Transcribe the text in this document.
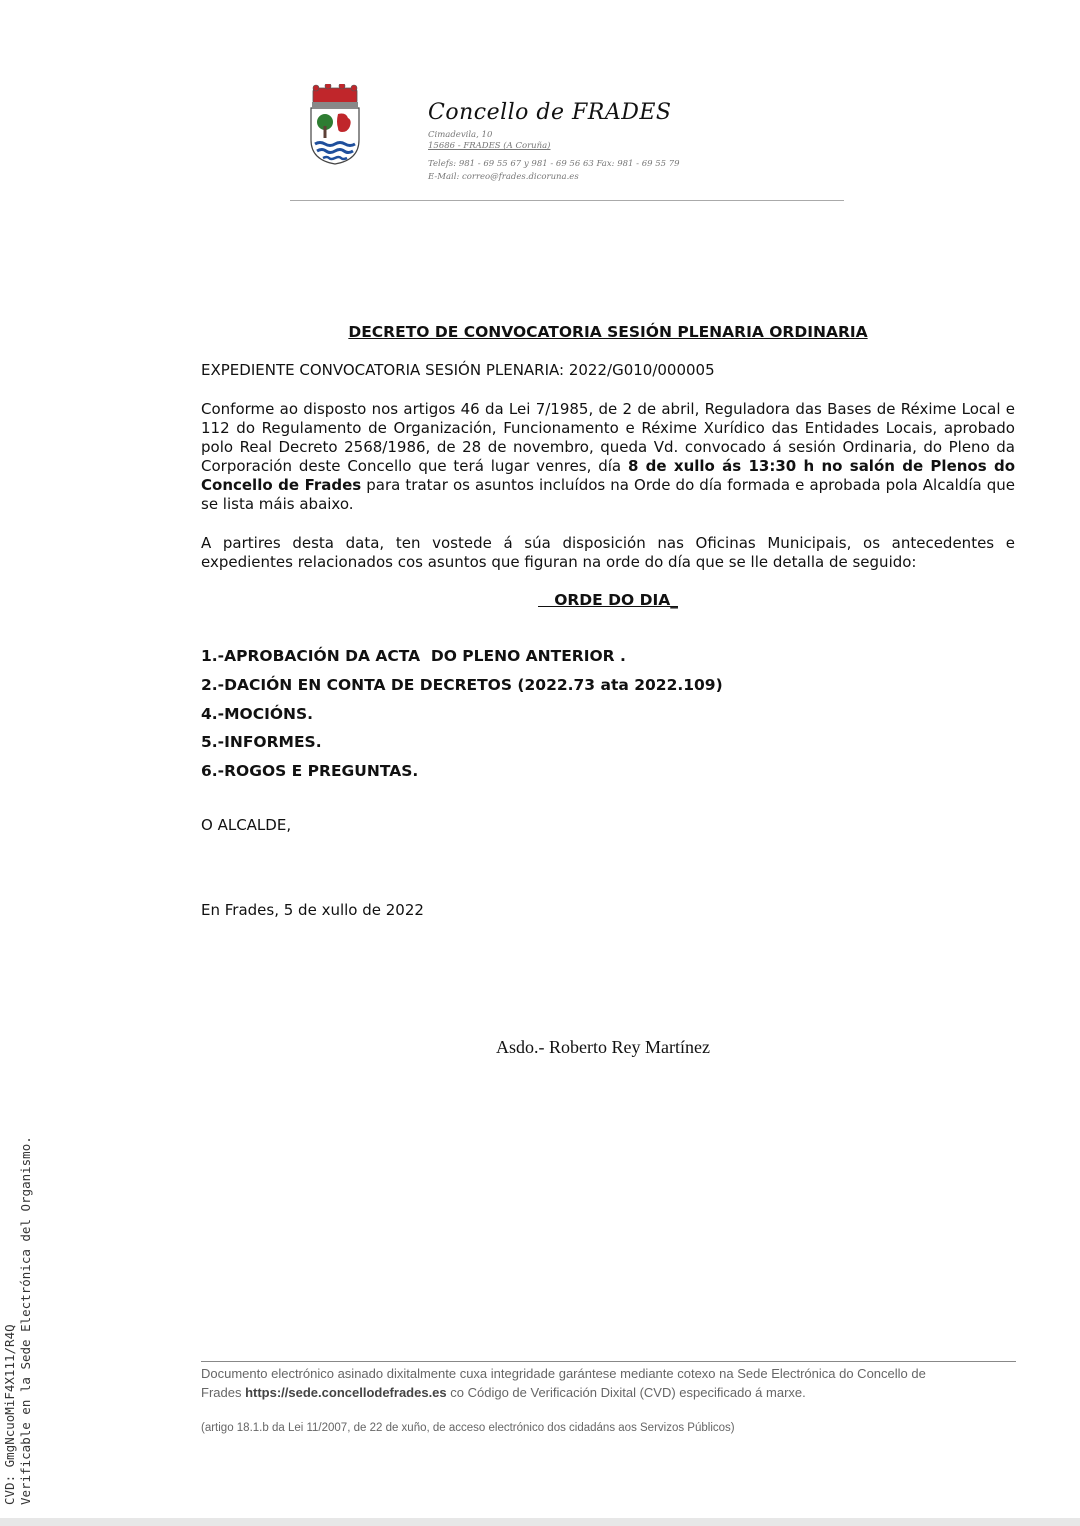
Concello de FRADES
Cimadevila, 10
15686 - FRADES (A Coruña)
Telefs: 981 - 69 55 67 y 981 - 69 56 63 Fax: 981 - 69 55 79
E-Mail: correo@frades.dicoruna.es
DECRETO DE CONVOCATORIA SESIÓN PLENARIA ORDINARIA
EXPEDIENTE CONVOCATORIA SESIÓN PLENARIA: 2022/G010/000005
Conforme ao disposto nos artigos 46 da Lei 7/1985, de 2 de abril, Reguladora das Bases de Réxime Local e 112 do Regulamento de Organización, Funcionamento e Réxime Xurídico das Entidades Locais, aprobado polo Real Decreto 2568/1986, de 28 de novembro, queda Vd. convocado á sesión Ordinaria, do Pleno da Corporación deste Concello que terá lugar venres, día 8 de xullo ás 13:30 h no salón de Plenos do Concello de Frades para tratar os asuntos incluídos na Orde do día formada e aprobada pola Alcaldía que se lista máis abaixo.
A partires desta data, ten vostede á súa disposición nas Oficinas Municipais, os antecedentes e expedientes relacionados cos asuntos que figuran na orde do día que se lle detalla de seguido:
ORDE DO DIA_
1.-APROBACIÓN DA ACTA  DO PLENO ANTERIOR .
2.-DACIÓN EN CONTA DE DECRETOS (2022.73 ata 2022.109)
4.-MOCIÓNS.
5.-INFORMES.
6.-ROGOS E PREGUNTAS.
O ALCALDE,
En Frades, 5 de xullo de 2022
Asdo.- Roberto Rey Martínez
Documento electrónico asinado dixitalmente cuxa integridade garántese mediante cotexo na Sede Electrónica do Concello de
Frades https://sede.concellodefrades.es co Código de Verificación Dixital (CVD) especificado á marxe.
(artigo 18.1.b da Lei 11/2007, de 22 de xuño, de acceso electrónico dos cidadáns aos Servizos Públicos)
CVD: GmgNcuoMiF4X111/R4Q Verificable en la Sede Electrónica del Organismo.
